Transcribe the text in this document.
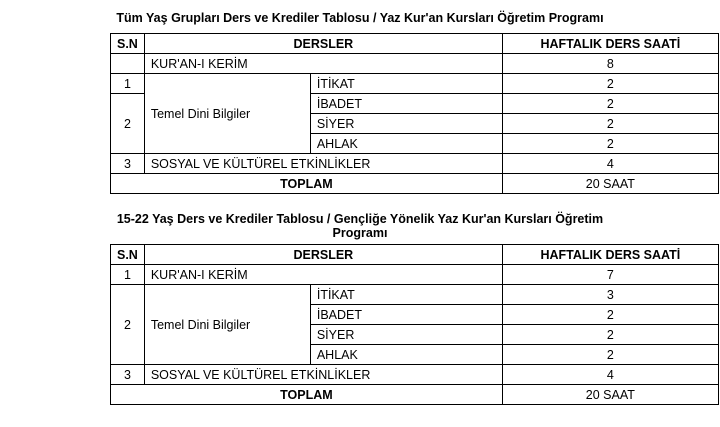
Tüm Yaş Grupları Ders ve Krediler Tablosu / Yaz Kur'an Kursları Öğretim Programı
S.N	DERSLER		HAFTALIK DERS SAATİ
	KUR'AN-I KERİM		8
1	Temel Dini Bilgiler	İTİKAT	2
2		İBADET	2
		SİYER	2
		AHLAK	2
3	SOSYAL VE KÜLTÜREL ETKİNLİKLER		4
TOPLAM			20 SAAT
15-22 Yaş Ders ve Krediler Tablosu / Gençliğe Yönelik Yaz Kur'an Kursları Öğretim
Programı
S.N	DERSLER		HAFTALIK DERS SAATİ
1	KUR'AN-I KERİM		7
2	Temel Dini Bilgiler	İTİKAT	3
		İBADET	2
		SİYER	2
		AHLAK	2
3	SOSYAL VE KÜLTÜREL ETKİNLİKLER		4
TOPLAM			20 SAAT
